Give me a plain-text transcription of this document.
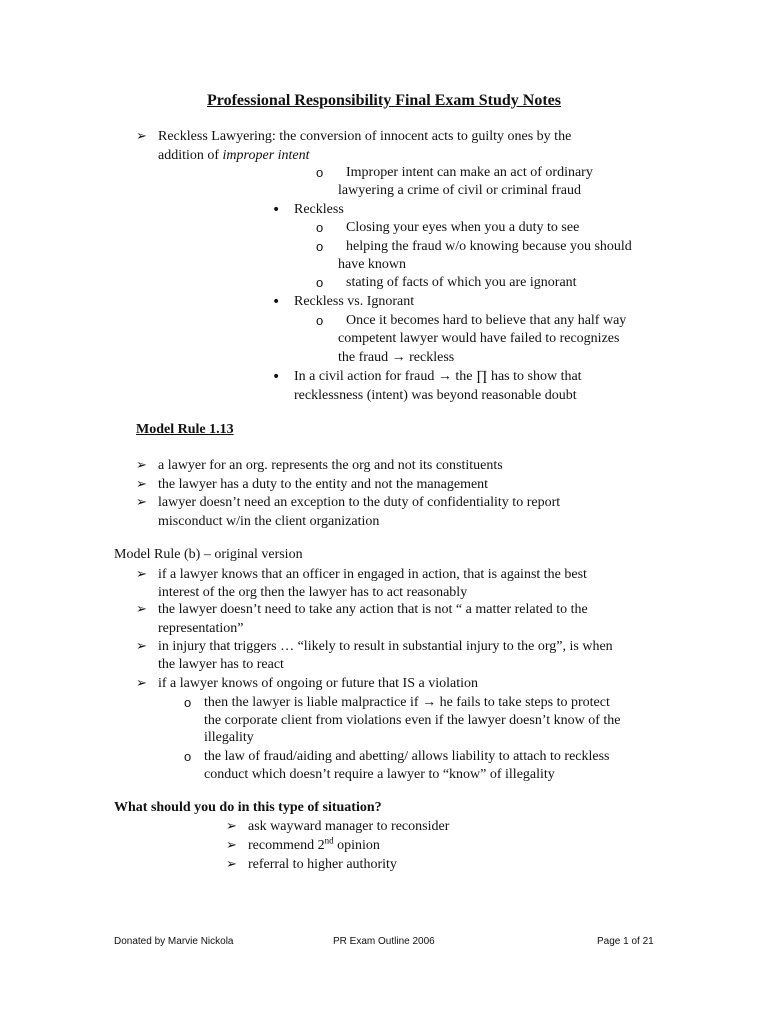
Professional Responsibility Final Exam Study Notes
➢ Reckless Lawyering: the conversion of innocent acts to guilty ones by the
addition of improper intent
o Improper intent can make an act of ordinary
lawyering a crime of civil or criminal fraud
• Reckless
o Closing your eyes when you a duty to see
o helping the fraud w/o knowing because you should
have known
o stating of facts of which you are ignorant
• Reckless vs. Ignorant
o Once it becomes hard to believe that any half way
competent lawyer would have failed to recognizes
the fraud → reckless
• In a civil action for fraud → the ∏ has to show that
recklessness (intent) was beyond reasonable doubt
Model Rule 1.13
➢ a lawyer for an org. represents the org and not its constituents
➢ the lawyer has a duty to the entity and not the management
➢ lawyer doesn’t need an exception to the duty of confidentiality to report
misconduct w/in the client organization
Model Rule (b) – original version
➢ if a lawyer knows that an officer in engaged in action, that is against the best
interest of the org then the lawyer has to act reasonably
➢ the lawyer doesn’t need to take any action that is not “ a matter related to the
representation”
➢ in injury that triggers … “likely to result in substantial injury to the org”, is when
the lawyer has to react
➢ if a lawyer knows of ongoing or future that IS a violation
o then the lawyer is liable malpractice if → he fails to take steps to protect
the corporate client from violations even if the lawyer doesn’t know of the
illegality
o the law of fraud/aiding and abetting/ allows liability to attach to reckless
conduct which doesn’t require a lawyer to “know” of illegality
What should you do in this type of situation?
➢ ask wayward manager to reconsider
➢ recommend 2nd opinion
➢ referral to higher authority
Donated by Marvie Nickola	PR Exam Outline 2006	Page 1 of 21
